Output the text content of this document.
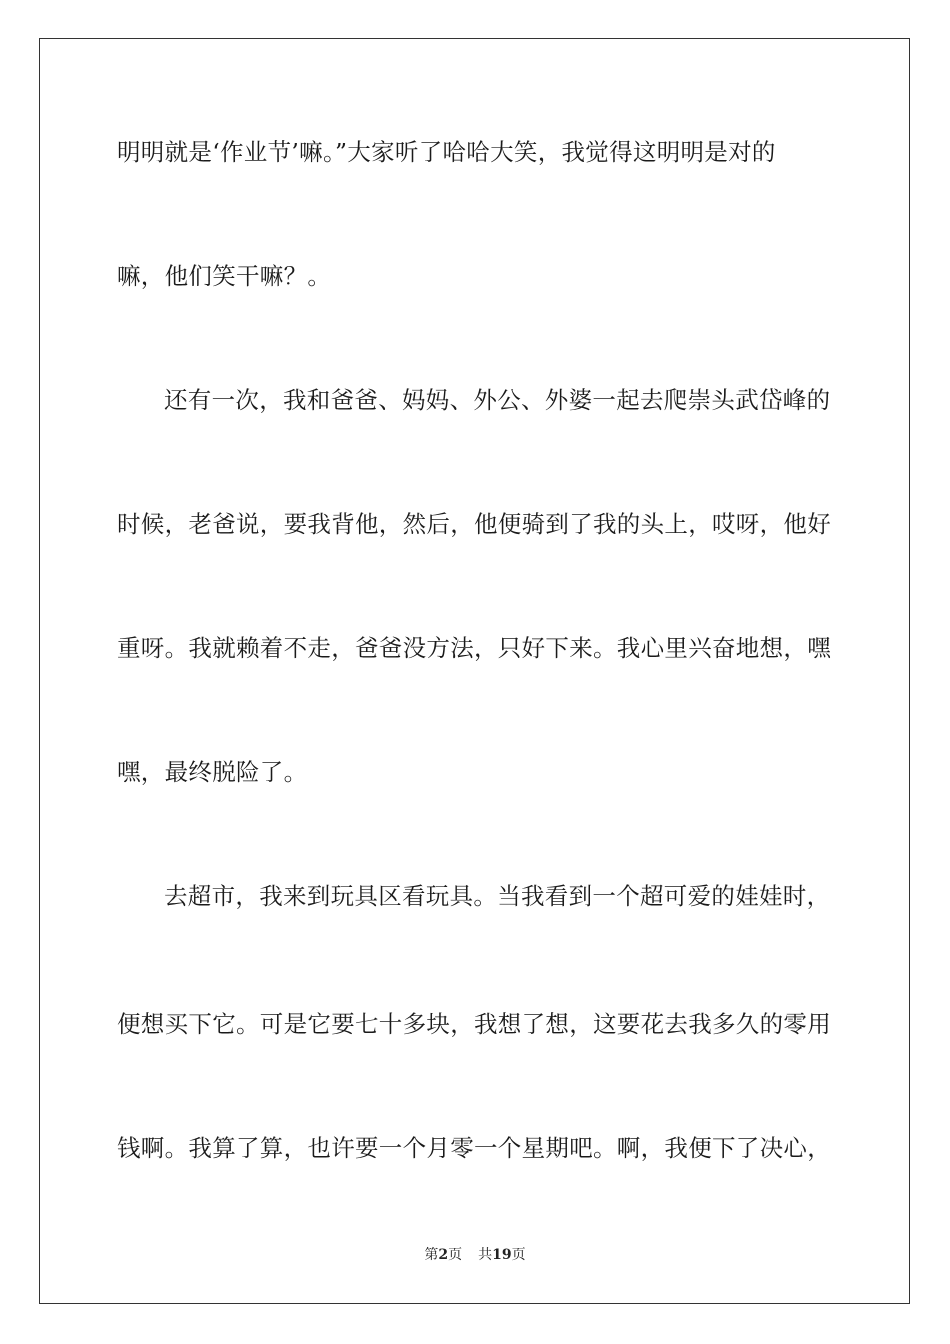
明明就是‘作业节’嘛。”大家听了哈哈大笑，我觉得这明明是对的
嘛，他们笑干嘛？。
还有一次，我和爸爸、妈妈、外公、外婆一起去爬崇头武岱峰的
时候，老爸说，要我背他，然后，他便骑到了我的头上，哎呀，他好
重呀。我就赖着不走，爸爸没方法，只好下来。我心里兴奋地想，嘿
嘿，最终脱险了。
去超市，我来到玩具区看玩具。当我看到一个超可爱的娃娃时，
便想买下它。可是它要七十多块，我想了想，这要花去我多久的零用
钱啊。我算了算，也许要一个月零一个星期吧。啊，我便下了决心，
第2页 共19页
